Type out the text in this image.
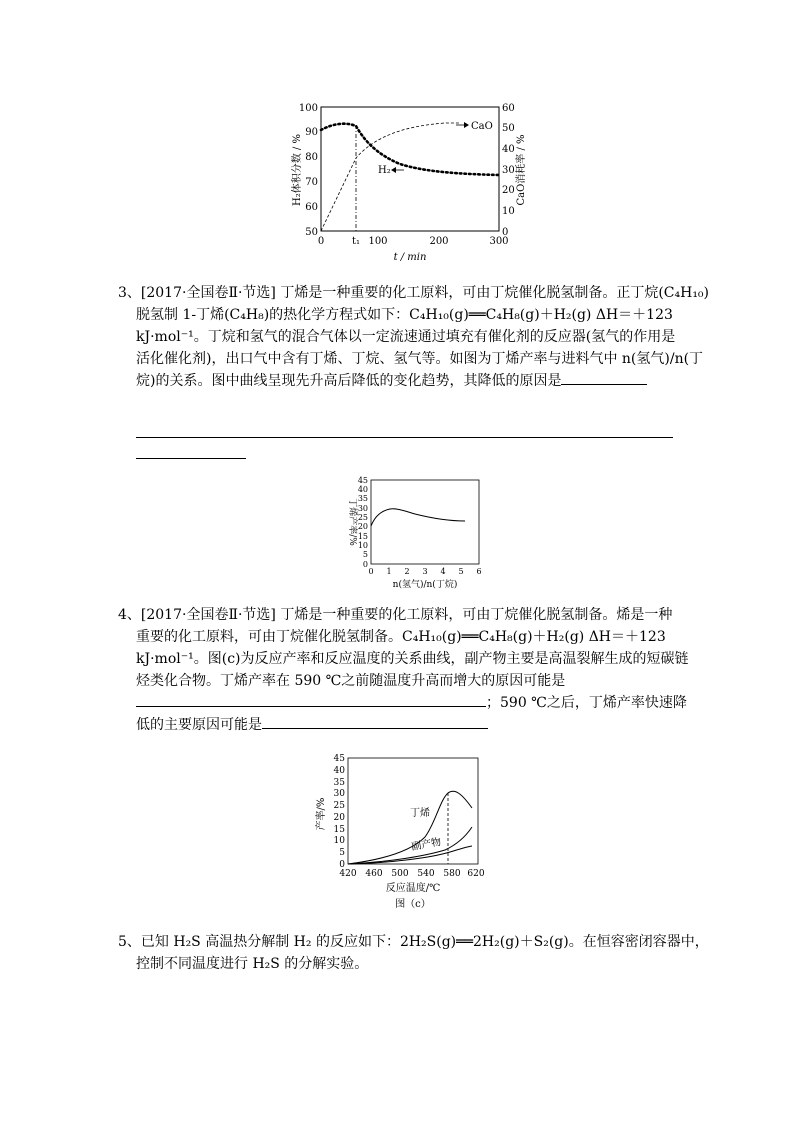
100
90
80
70
60
50
60
50
40
30
20
10
0
0	t₁ 100	200	300
t / min
H₂体积分数 / %	CaO消耗率 / %
CaO
H₂
3、[2017·全国卷Ⅱ·节选] 丁烯是一种重要的化工原料，可由丁烷催化脱氢制备。正丁烷(C₄H₁₀)
脱氢制 1-丁烯(C₄H₈)的热化学方程式如下：C₄H₁₀(g)══C₄H₈(g)＋H₂(g) ΔH＝＋123
kJ·mol⁻¹。丁烷和氢气的混合气体以一定流速通过填充有催化剂的反应器(氢气的作用是
活化催化剂)，出口气中含有丁烯、丁烷、氢气等。如图为丁烯产率与进料气中 n(氢气)/n(丁
烷)的关系。图中曲线呈现先升高后降低的变化趋势，其降低的原因是
45
40
35
30
25
20
15
10
5
0
0 1 2 3 4 5 6
n(氢气)/n(丁烷)
丁烯产率/%
4、[2017·全国卷Ⅱ·节选] 丁烯是一种重要的化工原料，可由丁烷催化脱氢制备。烯是一种
重要的化工原料，可由丁烷催化脱氢制备。C₄H₁₀(g)══C₄H₈(g)＋H₂(g) ΔH＝＋123
kJ·mol⁻¹。图(c)为反应产率和反应温度的关系曲线，副产物主要是高温裂解生成的短碳链
烃类化合物。丁烯产率在 590 ℃之前随温度升高而增大的原因可能是
；590 ℃之后，丁烯产率快速降
低的主要原因可能是
45
40
35
30
25
20
15
10
5
0
420 460 500 540 580 620
反应温度/℃
图（c）
产率/%	丁烯
副产物
5、已知 H₂S 高温热分解制 H₂ 的反应如下：2H₂S(g)══2H₂(g)＋S₂(g)。在恒容密闭容器中，
控制不同温度进行 H₂S 的分解实验。
